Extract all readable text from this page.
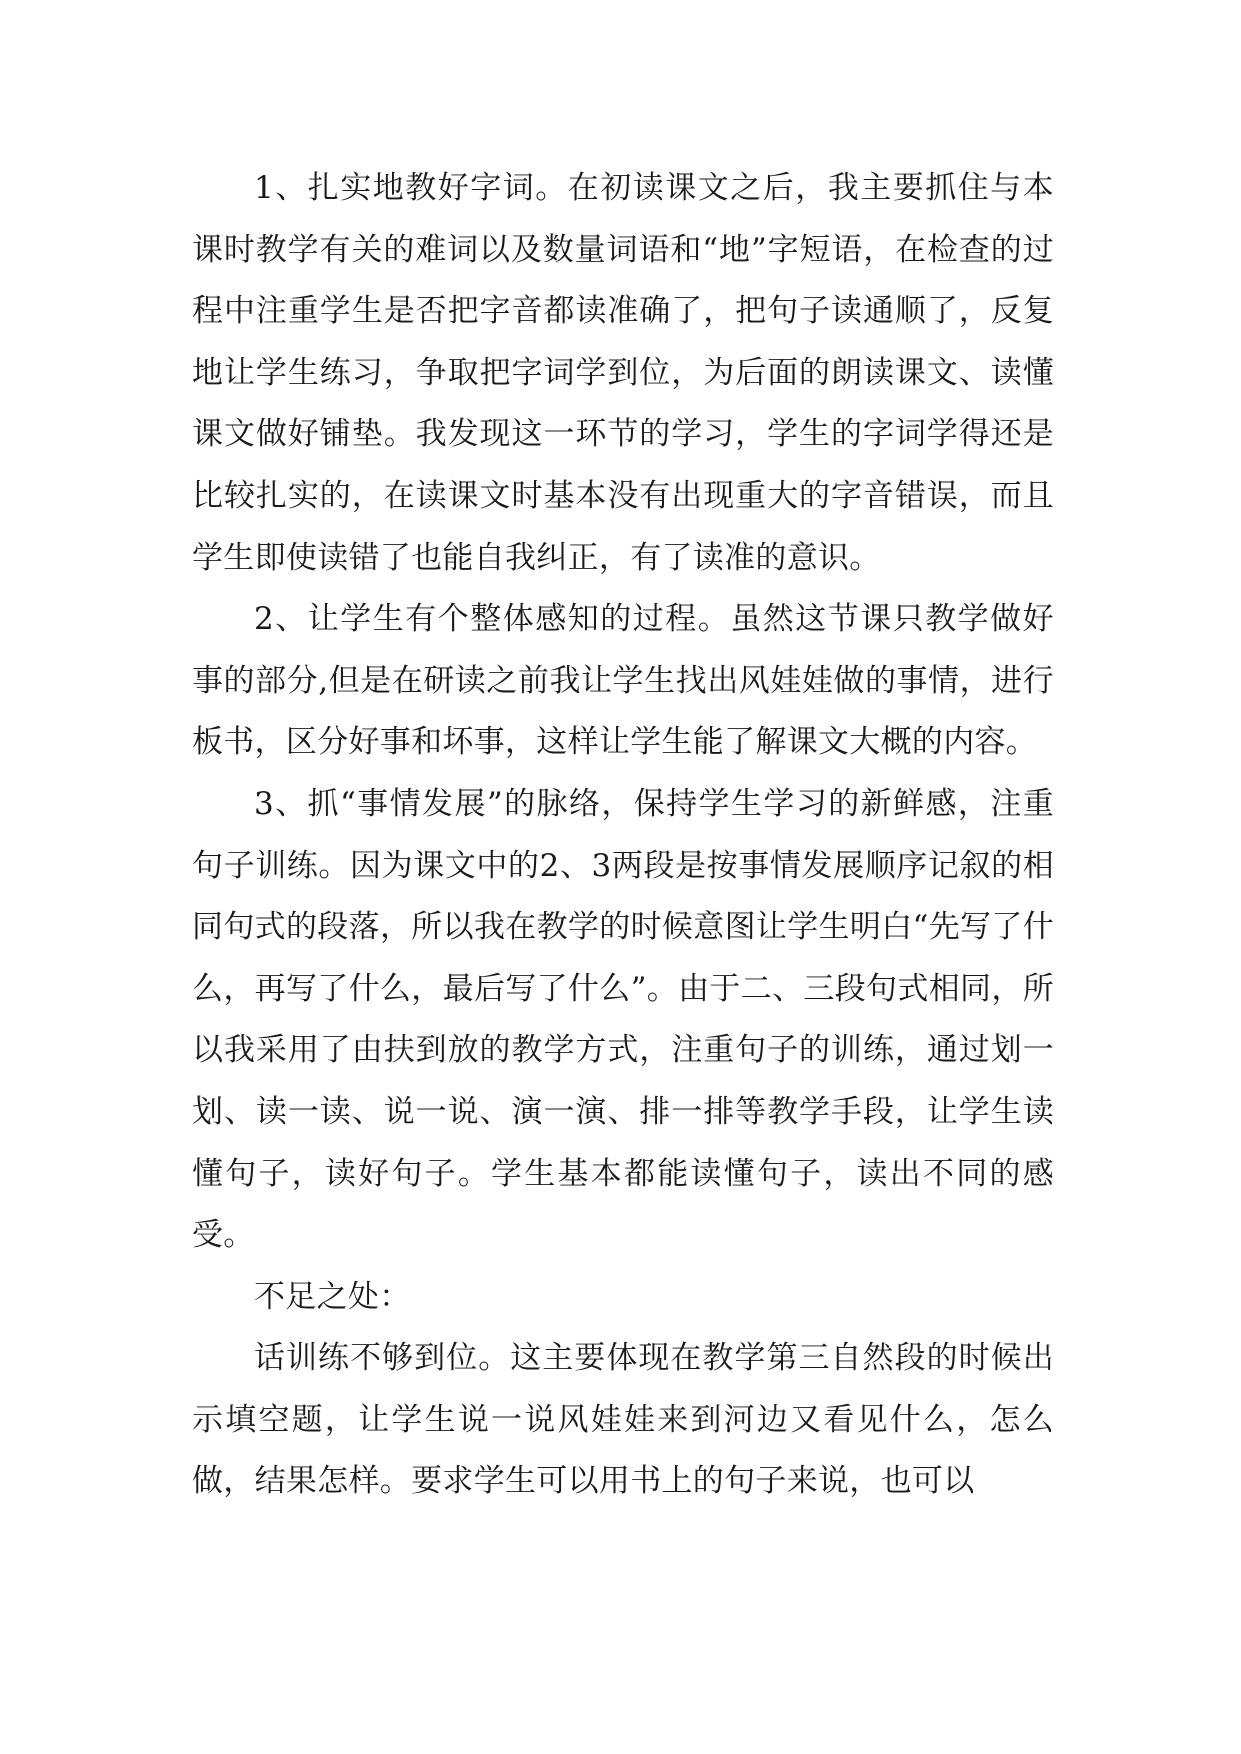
1、扎实地教好字词。在初读课文之后，我主要抓住与本课时教学有关的难词以及数量词语和“地”字短语，在检查的过程中注重学生是否把字音都读准确了，把句子读通顺了，反复地让学生练习，争取把字词学到位，为后面的朗读课文、读懂课文做好铺垫。我发现这一环节的学习，学生的字词学得还是比较扎实的，在读课文时基本没有出现重大的字音错误，而且学生即使读错了也能自我纠正，有了读准的意识。

2、让学生有个整体感知的过程。虽然这节课只教学做好事的部分,但是在研读之前我让学生找出风娃娃做的事情，进行板书，区分好事和坏事，这样让学生能了解课文大概的内容。

3、抓“事情发展”的脉络，保持学生学习的新鲜感，注重句子训练。因为课文中的2、3两段是按事情发展顺序记叙的相同句式的段落，所以我在教学的时候意图让学生明白“先写了什么，再写了什么，最后写了什么”。由于二、三段句式相同，所以我采用了由扶到放的教学方式，注重句子的训练，通过划一划、读一读、说一说、演一演、排一排等教学手段，让学生读懂句子，读好句子。学生基本都能读懂句子，读出不同的感受。

不足之处：

话训练不够到位。这主要体现在教学第三自然段的时候出示填空题，让学生说一说风娃娃来到河边又看见什么，怎么做，结果怎样。要求学生可以用书上的句子来说，也可以
